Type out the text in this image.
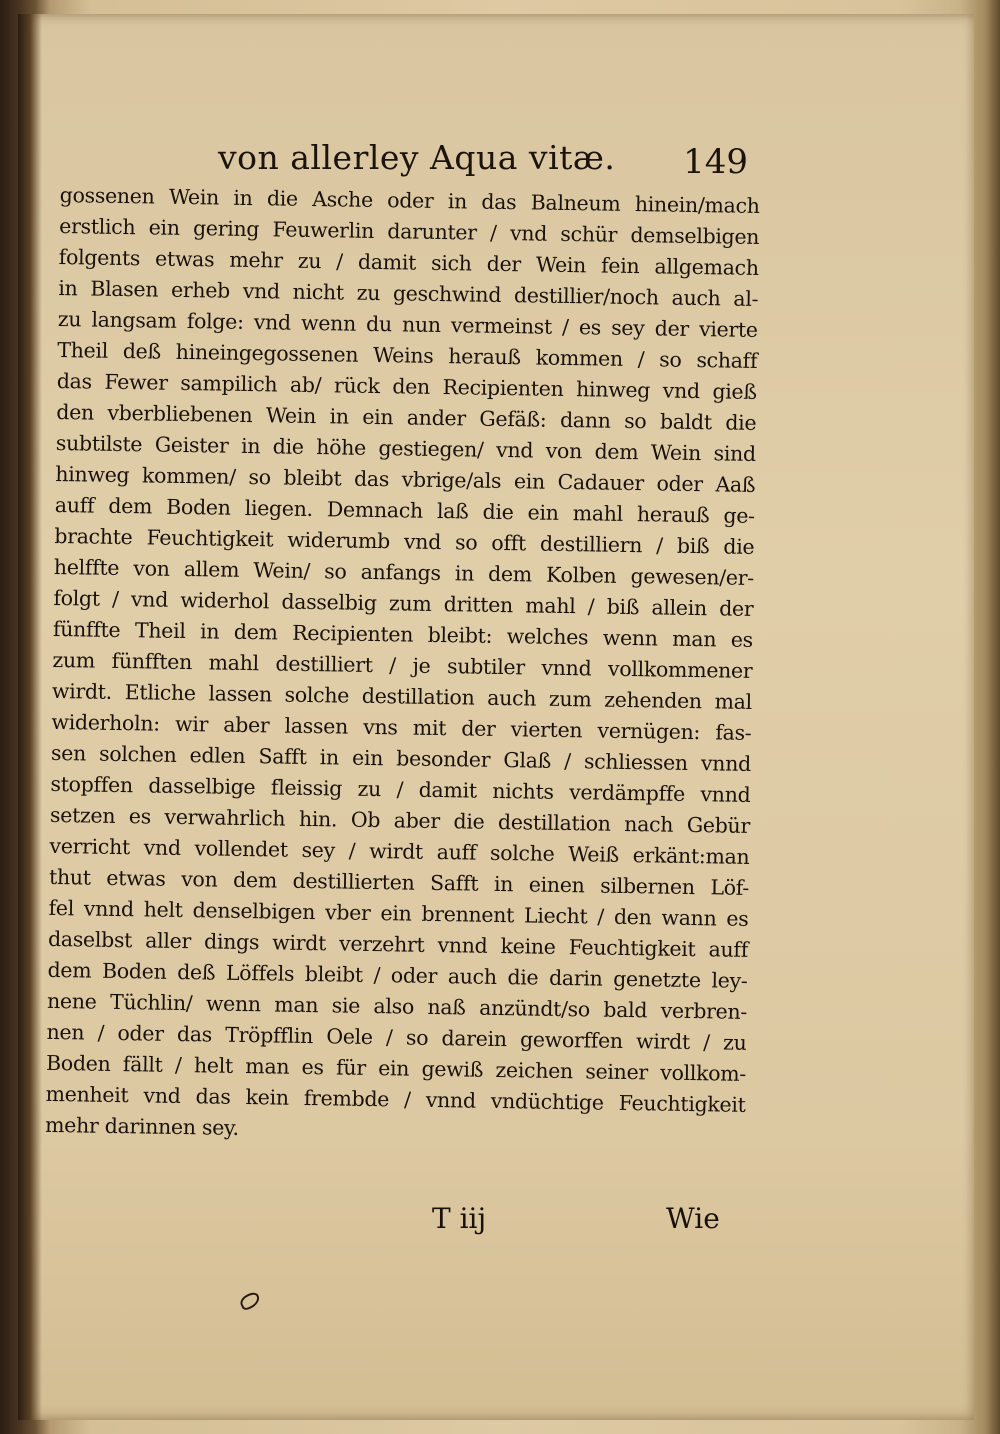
von allerley Aqua vitæ. 149
gossenen Wein in die Asche oder in das Balneum hinein/mach
erstlich ein gering Feuwerlin darunter / vnd schür demselbigen
folgents etwas mehr zu / damit sich der Wein fein allgemach
in Blasen erheb vnd nicht zu geschwind destillier/noch auch al-
zu langsam folge: vnd wenn du nun vermeinst / es sey der vierte
Theil deß hineingegossenen Weins herauß kommen / so schaff
das Fewer sampilich ab/ rück den Recipienten hinweg vnd gieß
den vberbliebenen Wein in ein ander Gefäß: dann so baldt die
subtilste Geister in die höhe gestiegen/ vnd von dem Wein sind
hinweg kommen/ so bleibt das vbrige/als ein Cadauer oder Aaß
auff dem Boden liegen. Demnach laß die ein mahl herauß ge-
brachte Feuchtigkeit widerumb vnd so offt destilliern / biß die
helffte von allem Wein/ so anfangs in dem Kolben gewesen/er-
folgt / vnd widerhol dasselbig zum dritten mahl / biß allein der
fünffte Theil in dem Recipienten bleibt: welches wenn man es
zum fünfften mahl destilliert / je subtiler vnnd vollkommener
wirdt. Etliche lassen solche destillation auch zum zehenden mal
widerholn: wir aber lassen vns mit der vierten vernügen: fas-
sen solchen edlen Safft in ein besonder Glaß / schliessen vnnd
stopffen dasselbige fleissig zu / damit nichts verdämpffe vnnd
setzen es verwahrlich hin. Ob aber die destillation nach Gebür
verricht vnd vollendet sey / wirdt auff solche Weiß erkänt:man
thut etwas von dem destillierten Safft in einen silbernen Löf-
fel vnnd helt denselbigen vber ein brennent Liecht / den wann es
daselbst aller dings wirdt verzehrt vnnd keine Feuchtigkeit auff
dem Boden deß Löffels bleibt / oder auch die darin genetzte ley-
nene Tüchlin/ wenn man sie also naß anzündt/so bald verbren-
nen / oder das Tröpfflin Oele / so darein geworffen wirdt / zu
Boden fällt / helt man es für ein gewiß zeichen seiner vollkom-
menheit vnd das kein frembde / vnnd vndüchtige Feuchtigkeit
mehr darinnen sey.
T iij	Wie
